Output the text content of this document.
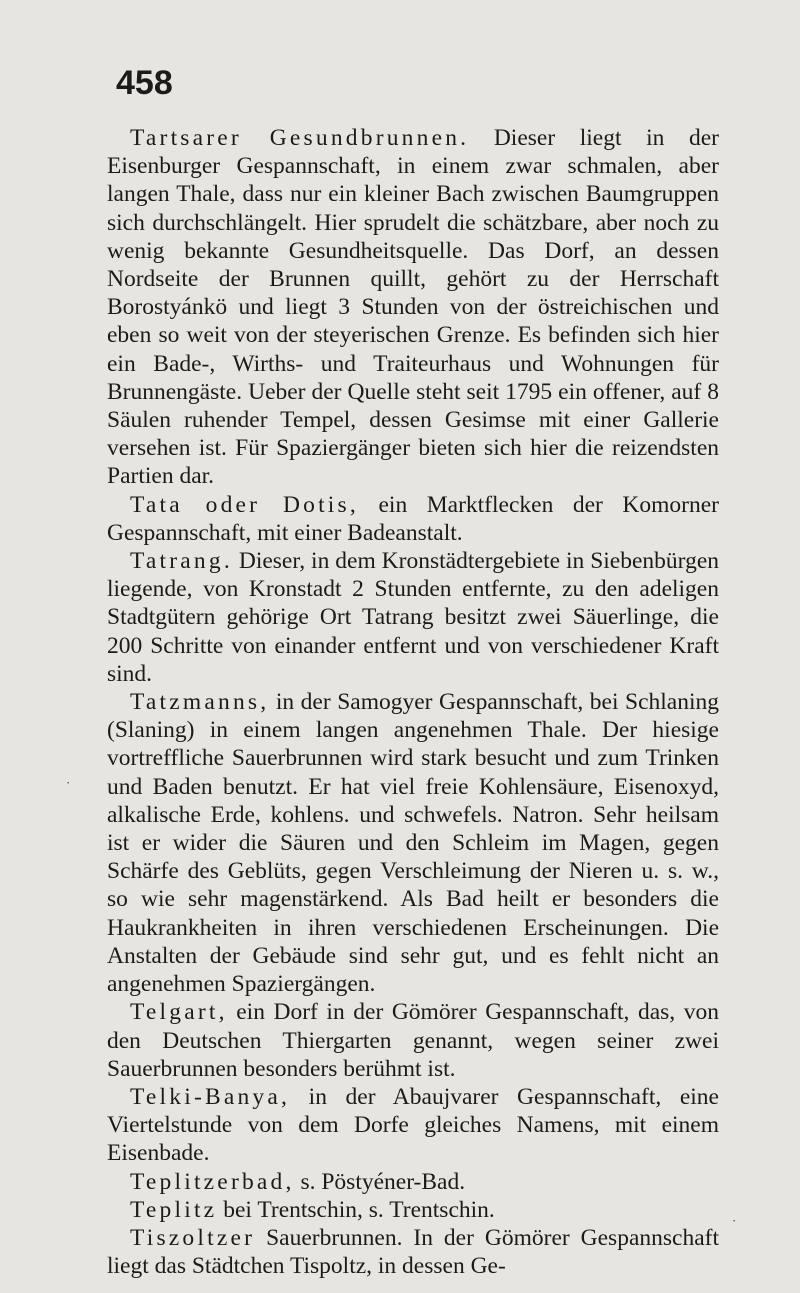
458

Tartsarer Gesundbrunnen. Dieser liegt in der Eisenburger Gespannschaft, in einem zwar schmalen, aber langen Thale, dass nur ein kleiner Bach zwischen Baumgruppen sich durchschlängelt. Hier sprudelt die schätzbare, aber noch zu wenig bekannte Gesundheitsquelle. Das Dorf, an dessen Nordseite der Brunnen quillt, gehört zu der Herrschaft Borostyánkö und liegt 3 Stunden von der östreichischen und eben so weit von der steyerischen Grenze. Es befinden sich hier ein Bade-, Wirths- und Traiteurhaus und Wohnungen für Brunnengäste. Ueber der Quelle steht seit 1795 ein offener, auf 8 Säulen ruhender Tempel, dessen Gesimse mit einer Gallerie versehen ist. Für Spaziergänger bieten sich hier die reizendsten Partien dar.

Tata oder Dotis, ein Marktflecken der Komorner Gespannschaft, mit einer Badeanstalt.

Tatrang. Dieser, in dem Kronstädtergebiete in Siebenbürgen liegende, von Kronstadt 2 Stunden entfernte, zu den adeligen Stadtgütern gehörige Ort Tatrang besitzt zwei Säuerlinge, die 200 Schritte von einander entfernt und von verschiedener Kraft sind.

Tatzmanns, in der Samogyer Gespannschaft, bei Schlaning (Slaning) in einem langen angenehmen Thale. Der hiesige vortreffliche Sauerbrunnen wird stark besucht und zum Trinken und Baden benutzt. Er hat viel freie Kohlensäure, Eisenoxyd, alkalische Erde, kohlens. und schwefels. Natron. Sehr heilsam ist er wider die Säuren und den Schleim im Magen, gegen Schärfe des Geblüts, gegen Verschleimung der Nieren u. s. w., so wie sehr magenstärkend. Als Bad heilt er besonders die Haukrankheiten in ihren verschiedenen Erscheinungen. Die Anstalten der Gebäude sind sehr gut, und es fehlt nicht an angenehmen Spaziergängen.

Telgart, ein Dorf in der Gömörer Gespannschaft, das, von den Deutschen Thiergarten genannt, wegen seiner zwei Sauerbrunnen besonders berühmt ist.

Telki-Banya, in der Abaujvarer Gespannschaft, eine Viertelstunde von dem Dorfe gleiches Namens, mit einem Eisenbade.

Teplitzerbad, s. Pöstyéner-Bad.

Teplitz bei Trentschin, s. Trentschin.

Tiszoltzer Sauerbrunnen. In der Gömörer Gespannschaft liegt das Städtchen Tispoltz, in dessen Ge-

·
·
